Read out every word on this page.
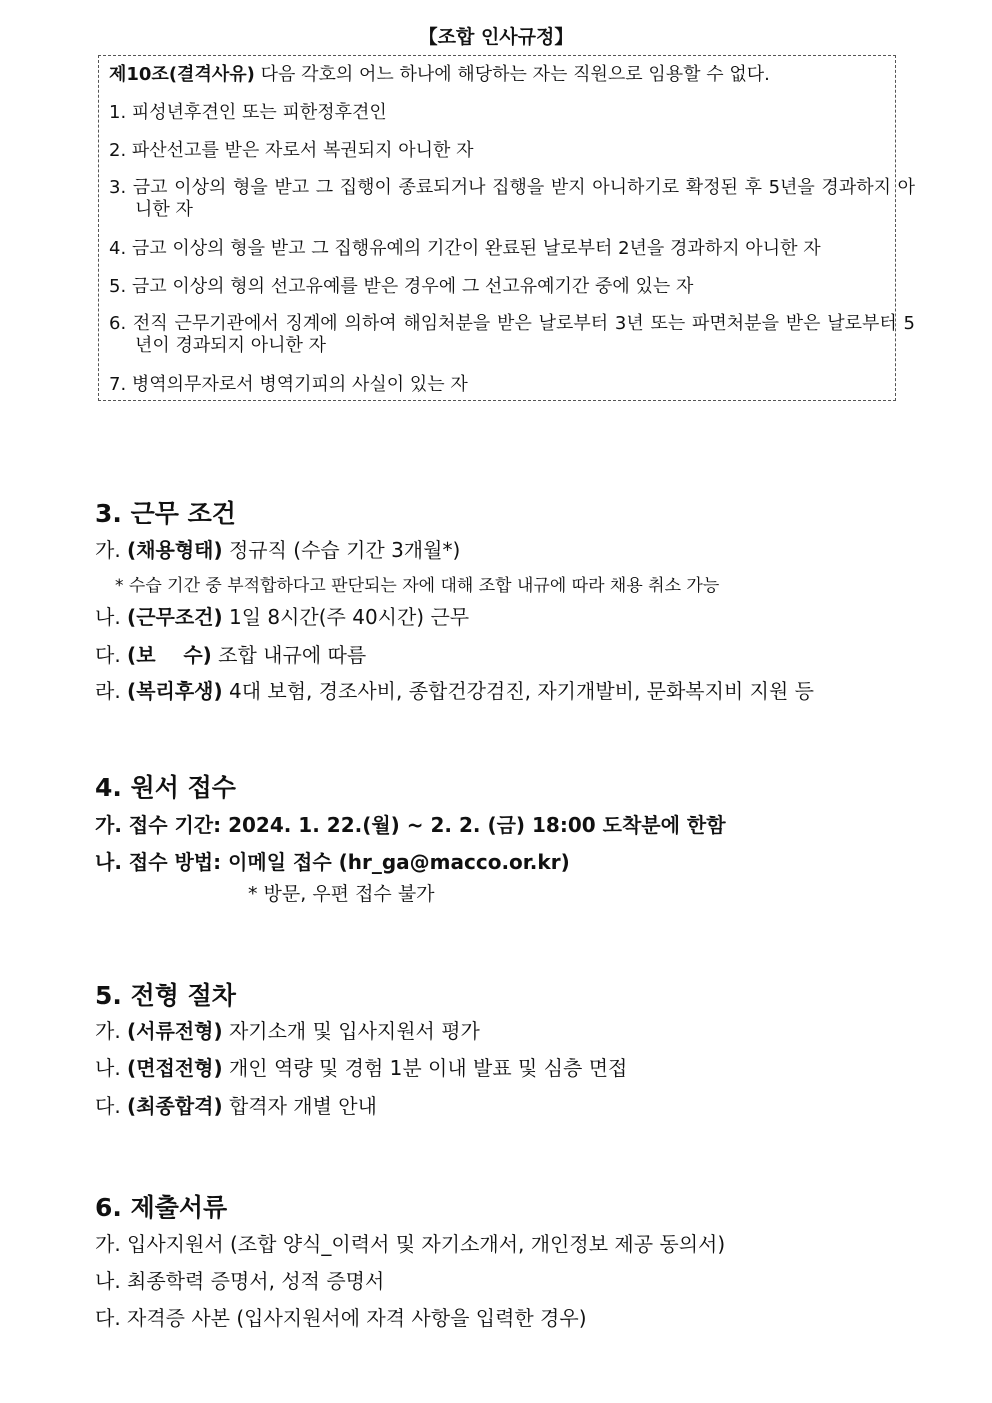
【조합 인사규정】
제10조(결격사유) 다음 각호의 어느 하나에 해당하는 자는 직원으로 임용할 수 없다.
1. 피성년후견인 또는 피한정후견인
2. 파산선고를 받은 자로서 복권되지 아니한 자
3. 금고 이상의 형을 받고 그 집행이 종료되거나 집행을 받지 아니하기로 확정된 후 5년을 경과하지 아니한 자
4. 금고 이상의 형을 받고 그 집행유예의 기간이 완료된 날로부터 2년을 경과하지 아니한 자
5. 금고 이상의 형의 선고유예를 받은 경우에 그 선고유예기간 중에 있는 자
6. 전직 근무기관에서 징계에 의하여 해임처분을 받은 날로부터 3년 또는 파면처분을 받은 날로부터 5년이 경과되지 아니한 자
7. 병역의무자로서 병역기피의 사실이 있는 자
3. 근무 조건
가. (채용형태) 정규직 (수습 기간 3개월*)
* 수습 기간 중 부적합하다고 판단되는 자에 대해 조합 내규에 따라 채용 취소 가능
나. (근무조건) 1일 8시간(주 40시간) 근무
다. (보    수) 조합 내규에 따름
라. (복리후생) 4대 보험, 경조사비, 종합건강검진, 자기개발비, 문화복지비 지원 등
4. 원서 접수
가. 접수 기간: 2024. 1. 22.(월) ~ 2. 2. (금) 18:00 도착분에 한함
나. 접수 방법: 이메일 접수 (hr_ga@macco.or.kr)
* 방문, 우편 접수 불가
5. 전형 절차
가. (서류전형) 자기소개 및 입사지원서 평가
나. (면접전형) 개인 역량 및 경험 1분 이내 발표 및 심층 면접
다. (최종합격) 합격자 개별 안내
6. 제출서류
가. 입사지원서 (조합 양식_이력서 및 자기소개서, 개인정보 제공 동의서)
나. 최종학력 증명서, 성적 증명서
다. 자격증 사본 (입사지원서에 자격 사항을 입력한 경우)
